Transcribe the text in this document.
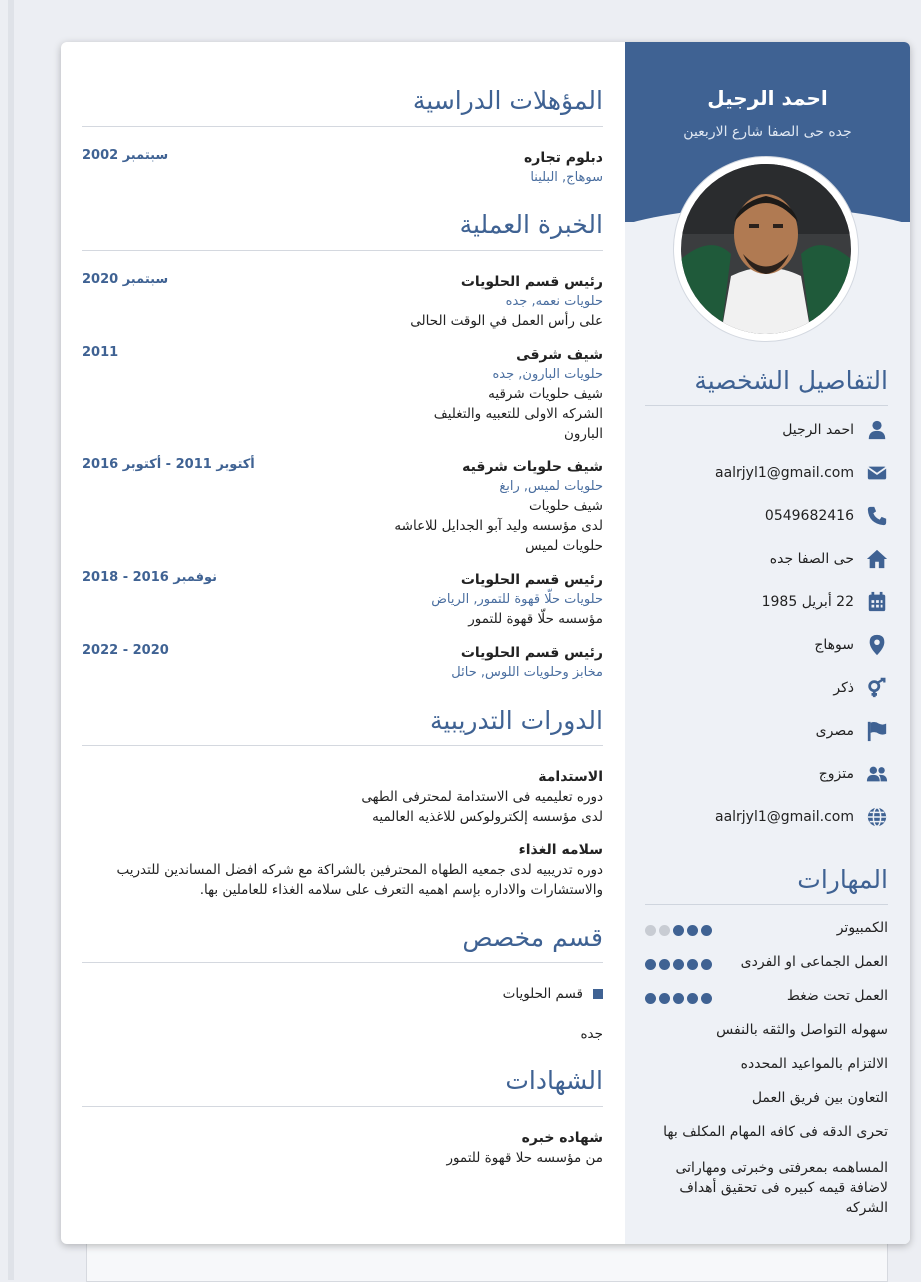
المؤهلات الدراسية
دبلوم تجاره
سوهاج, البلينا
سبتمبر 2002
الخبرة العملية
رئيس قسم الحلويات
حلويات نعمه, جده
على رأس العمل في الوقت الحالى
سبتمبر 2020
شيف شرقى
حلويات البارون, جده
شيف حلويات شرقيه
الشركه الاولى للتعبيه والتغليف
البارون
2011
شيف حلويات شرقيه
حلويات لميس, رابغ
شيف حلويات
لدى مؤسسه وليد آبو الجدايل للاعاشه
حلويات لميس
أكتوبر 2011 - أكتوبر 2016
رئيس قسم الحلويات
حلويات حلّا قهوة للتمور, الرياض
مؤسسه حلّا قهوة للتمور
نوفمبر 2016 - 2018
رئيس قسم الحلويات
مخابز وحلويات اللوس, حائل
2020 - 2022
الدورات التدريبية
الاستدامة
دوره تعليميه فى الاستدامة لمحترفى الطهى
لدى مؤسسه إلكترولوكس للاغذيه العالميه
سلامه الغذاء
دوره تدريبيه لدى جمعيه الطهاه المحترفين بالشراكة مع شركه افضل المساندين للتدريب
والاستشارات والاداره بإسم اهميه التعرف على سلامه الغذاء للعاملين بها.
قسم مخصص
قسم الحلويات
جده
الشهادات
شهاده خبره
من مؤسسه حلا قهوة للتمور
احمد الرجيل
جده حى الصفا شارع الاربعين
التفاصيل الشخصية
احمد الرجيل
aalrjyl1@gmail.com
0549682416
حى الصفا جده
22 أبريل 1985
سوهاج
ذكر
مصرى
متزوج
aalrjyl1@gmail.com
المهارات
الكمبيوتر
العمل الجماعى او الفردى
العمل تحت ضغط
سهوله التواصل والثقه بالنفس
الالتزام بالمواعيد المحدده
التعاون بين فريق العمل
تحرى الدقه فى كافه المهام المكلف بها
المساهمه بمعرفتى وخبرتى ومهاراتى لاضافة قيمه كبيره فى تحقيق أهداف الشركه
